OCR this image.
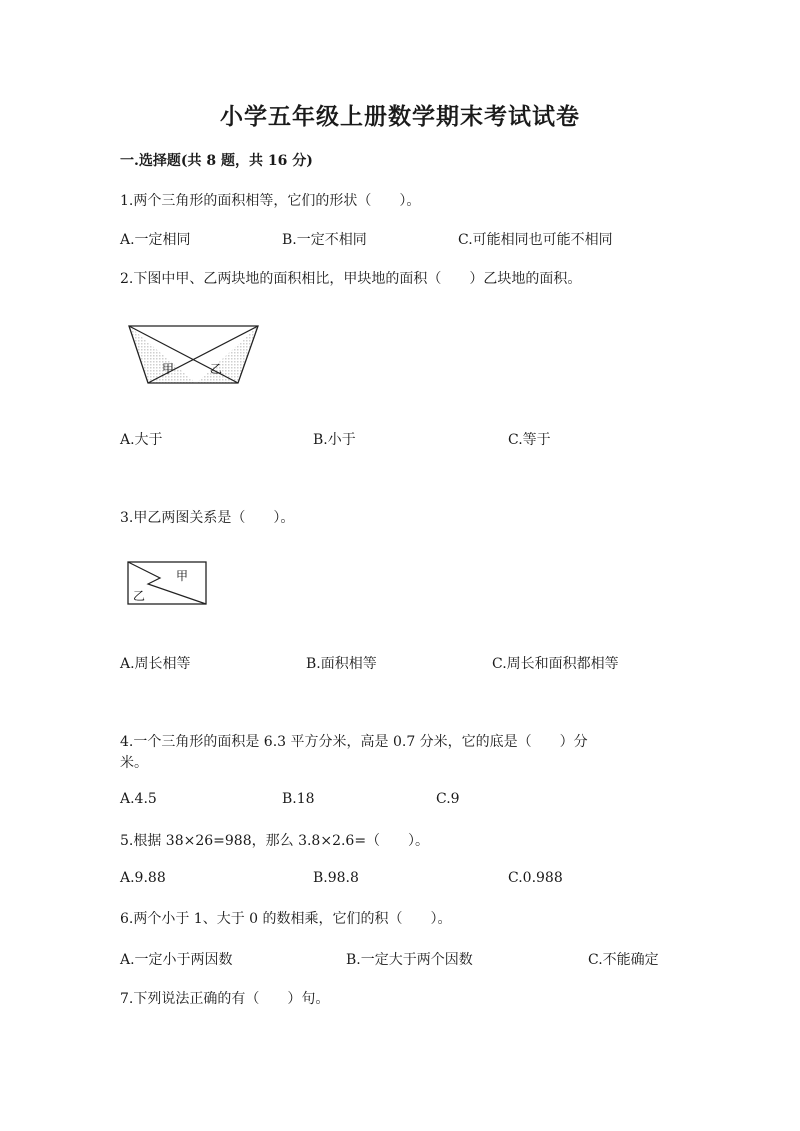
小学五年级上册数学期末考试试卷
一.选择题(共 8 题，共 16 分)
1.两个三角形的面积相等，它们的形状（　　）。
A.一定相同	B.一定不相同	C.可能相同也可能不相同
2.下图中甲、乙两块地的面积相比，甲块地的面积（　　）乙块地的面积。
甲	乙
A.大于	B.小于	C.等于
3.甲乙两图关系是（　　）。
甲
乙
A.周长相等	B.面积相等	C.周长和面积都相等
4.一个三角形的面积是 6.3 平方分米，高是 0.7 分米，它的底是（　　）分
米。
A.4.5	B.18	C.9
5.根据 38×26=988，那么 3.8×2.6=（　　）。
A.9.88	B.98.8	C.0.988
6.两个小于 1、大于 0 的数相乘，它们的积（　　）。
A.一定小于两因数	B.一定大于两个因数	C.不能确定
7.下列说法正确的有（　　）句。
